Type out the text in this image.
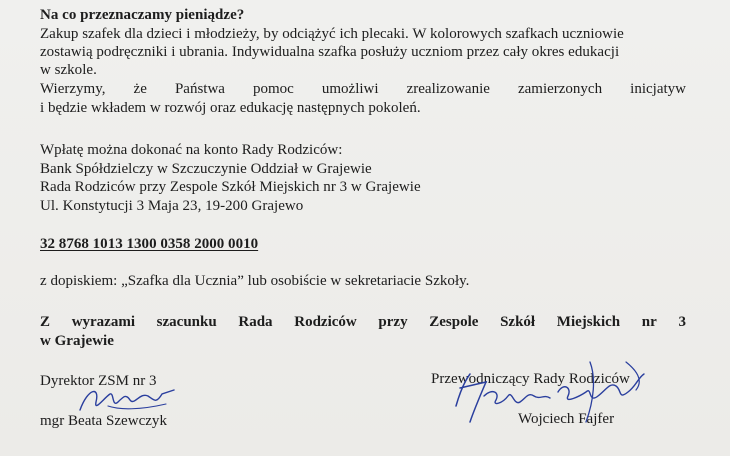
Na co przeznaczamy pieniądze?
Zakup szafek dla dzieci i młodzieży, by odciążyć ich plecaki. W kolorowych szafkach uczniowie
zostawią podręczniki i ubrania. Indywidualna szafka posłuży uczniom przez cały okres edukacji
w szkole.
Wierzymy, że Państwa pomoc umożliwi zrealizowanie zamierzonych inicjatyw
i będzie wkładem w rozwój oraz edukację następnych pokoleń.
Wpłatę można dokonać na konto Rady Rodziców:
Bank Spółdzielczy w Szczuczynie Oddział w Grajewie
Rada Rodziców przy Zespole Szkół Miejskich nr 3 w Grajewie
Ul. Konstytucji 3 Maja 23, 19-200 Grajewo
32 8768 1013 1300 0358 2000 0010
z dopiskiem: „Szafka dla Ucznia” lub osobiście w sekretariacie Szkoły.
Z wyrazami szacunku Rada Rodziców przy Zespole Szkół Miejskich nr 3
w Grajewie
Dyrektor ZSM nr 3
mgr Beata Szewczyk
Przewodniczący Rady Rodziców
Wojciech Fajfer
